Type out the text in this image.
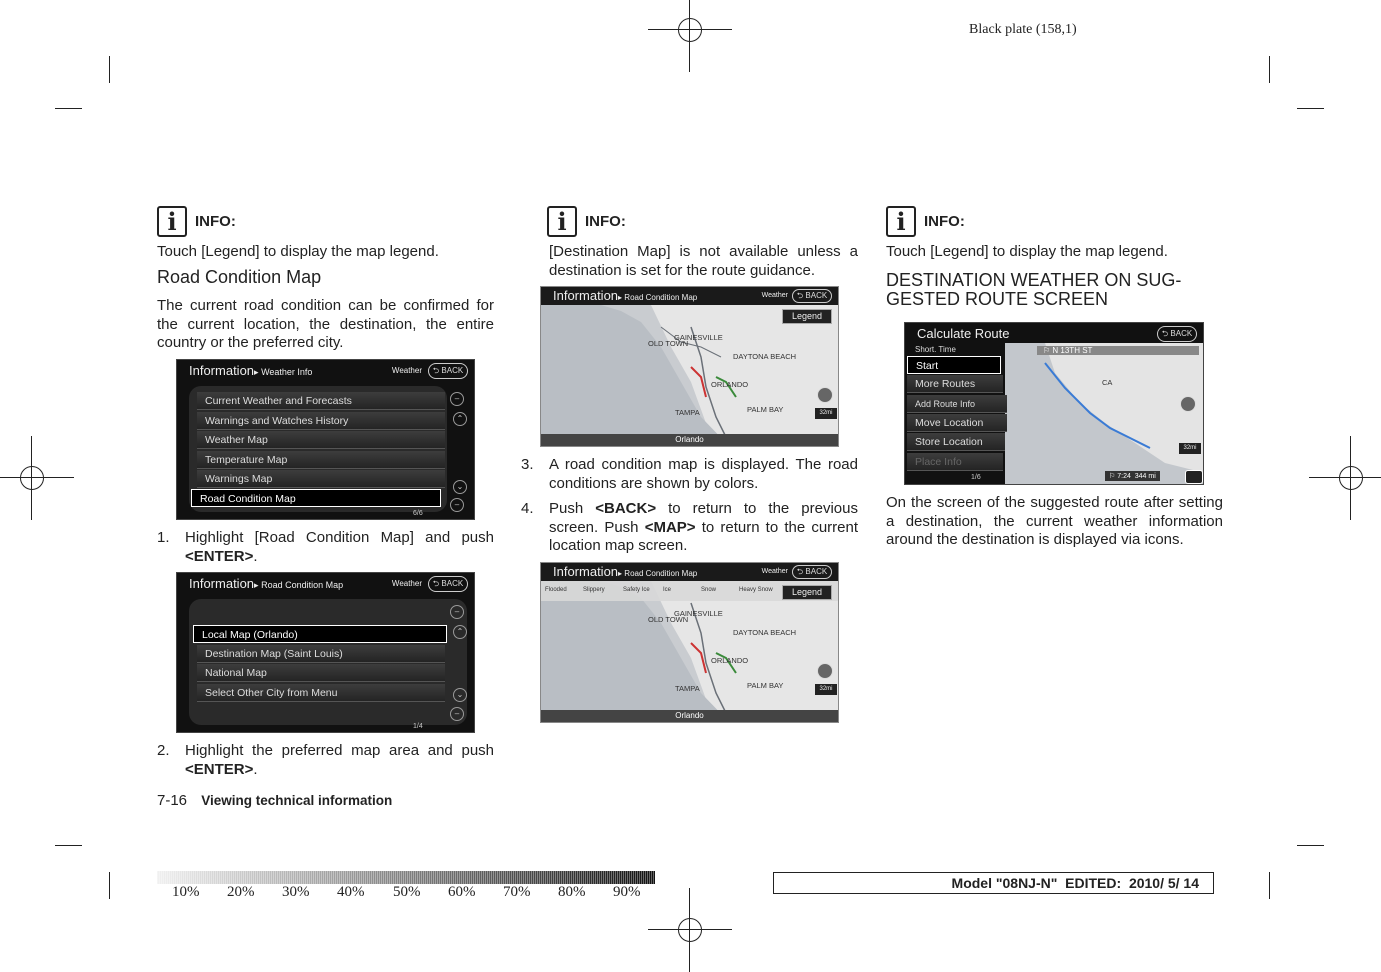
Black plate (158,1)
i INFO:
Touch [Legend] to display the map legend.
Road Condition Map
The current road condition can be confirmed for the current location, the destination, the entire country or the preferred city.
Information▸ Weather Info	Weather	⮌ BACK
Current Weather and Forecasts
Warnings and Watches History
Weather Map
Temperature Map
Warnings Map
Road Condition Map
–
⌃
⌄
–
6/6
1.	Highlight [Road Condition Map] and push <ENTER>.
Information▸ Road Condition Map	Weather	⮌ BACK
Local Map (Orlando)
Destination Map (Saint Louis)
National Map
Select Other City from Menu
–
⌃
⌄
–
1/4
2.	Highlight the preferred map area and push <ENTER>.
i INFO:
[Destination Map] is not available unless a destination is set for the route guidance.
Information▸ Road Condition Map	Weather	⮌ BACK
Legend
OLD TOWN
GAINESVILLE
DAYTONA BEACH
ORLANDO
PALM BAY
TAMPA	32mi
Orlando
3.	A road condition map is displayed. The road conditions are shown by colors.
4.	Push <BACK> to return to the previous screen. Push <MAP> to return to the current location map screen.
Information▸ Road Condition Map	Weather	⮌ BACK
Flooded	Slippery	Safety Ice Ice	Snow	Heavy Snow	Legend
OLD TOWN
GAINESVILLE
DAYTONA BEACH
ORLANDO
PALM BAY
TAMPA	32mi
Orlando
i INFO:
Touch [Legend] to display the map legend.
DESTINATION WEATHER ON SUG-GESTED ROUTE SCREEN
Calculate Route	⮌ BACK
Short. Time
Start
More Routes
Add Route Info
Move Location
Store Location
Place Info
1/6
⚐ N 13TH ST
CA
32mi
⚐ 7:24 344 mi
On the screen of the suggested route after setting a destination, the current weather information around the destination is displayed via icons.
7-16 Viewing technical information
10% 20% 30% 40% 50% 60% 70% 80% 90%
Model "08NJ-N"  EDITED:  2010/ 5/ 14
